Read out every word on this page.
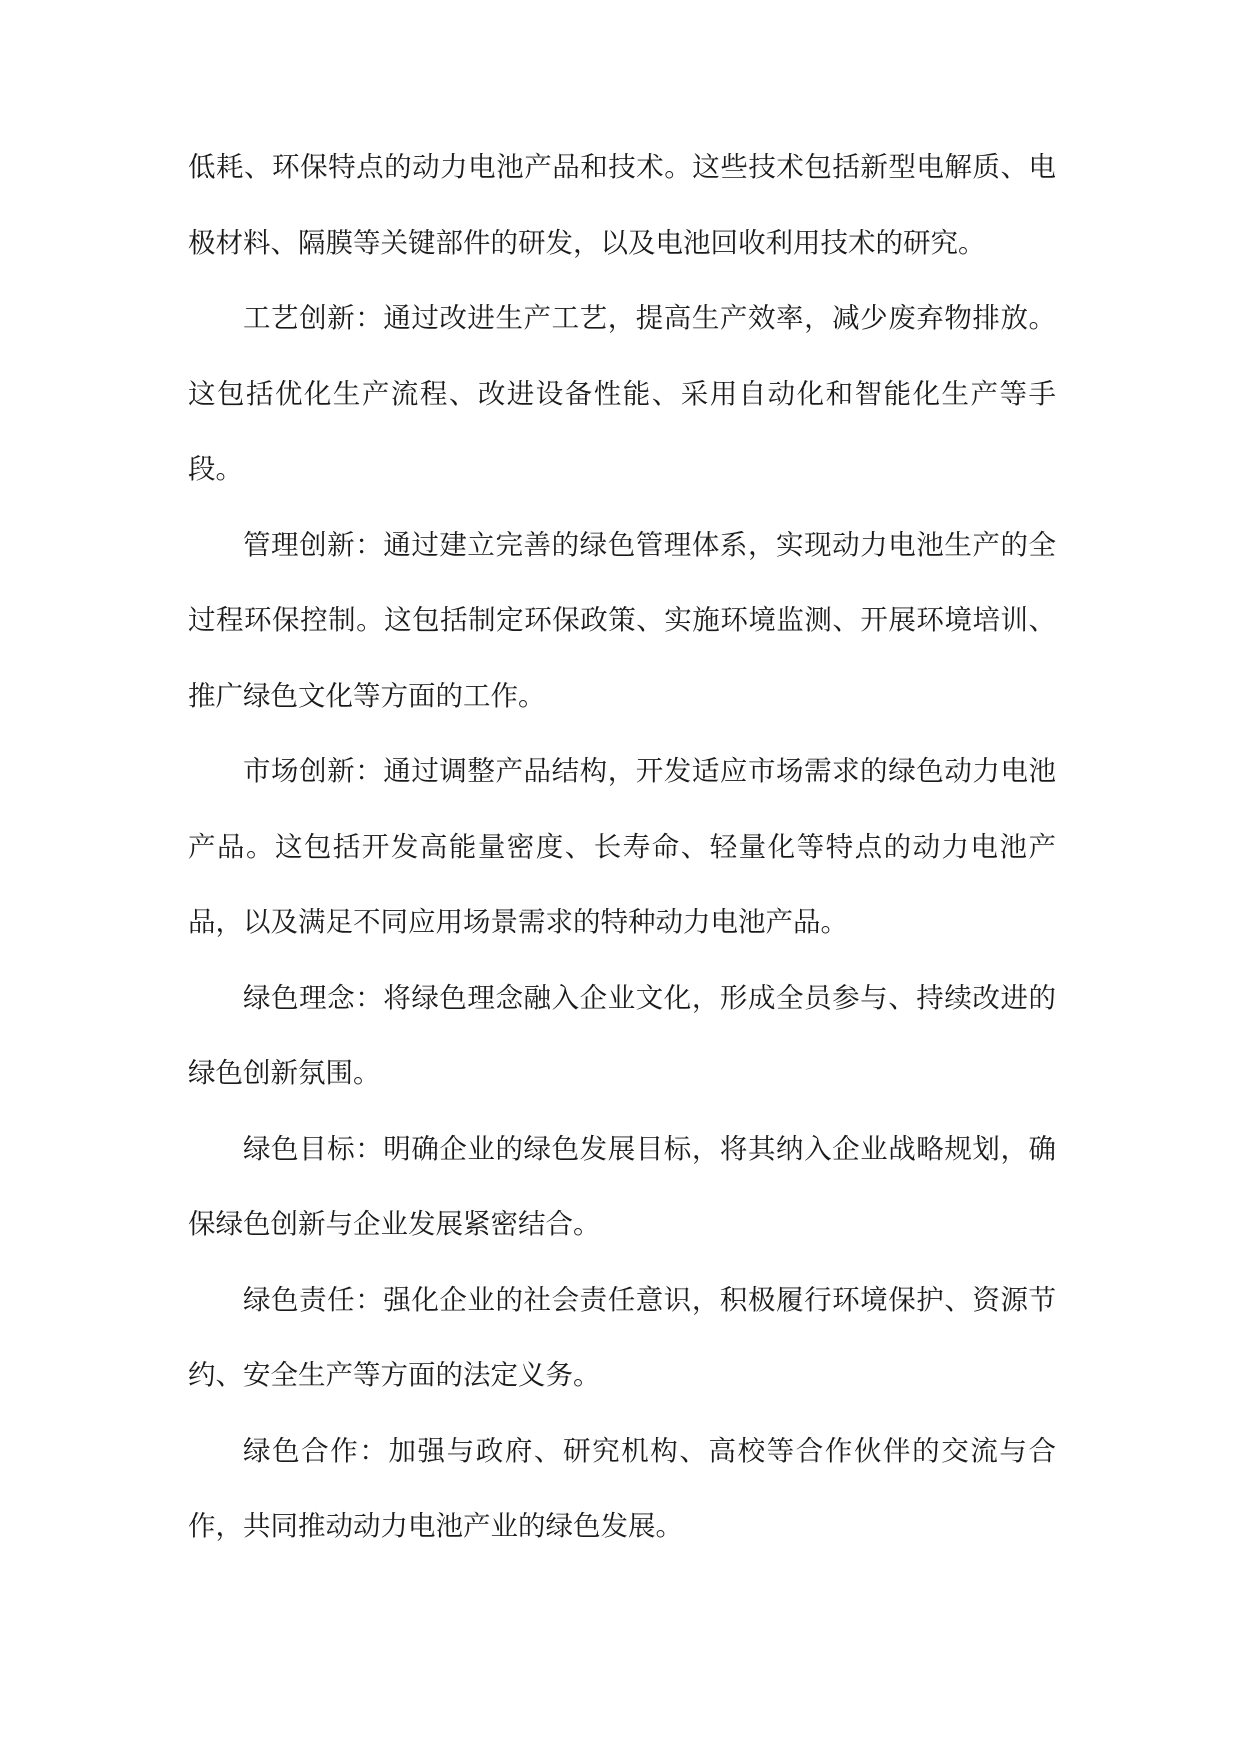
低耗、环保特点的动力电池产品和技术。这些技术包括新型电解质、电极材料、隔膜等关键部件的研发，以及电池回收利用技术的研究。

工艺创新：通过改进生产工艺，提高生产效率，减少废弃物排放。这包括优化生产流程、改进设备性能、采用自动化和智能化生产等手段。

管理创新：通过建立完善的绿色管理体系，实现动力电池生产的全过程环保控制。这包括制定环保政策、实施环境监测、开展环境培训、推广绿色文化等方面的工作。

市场创新：通过调整产品结构，开发适应市场需求的绿色动力电池产品。这包括开发高能量密度、长寿命、轻量化等特点的动力电池产品，以及满足不同应用场景需求的特种动力电池产品。

绿色理念：将绿色理念融入企业文化，形成全员参与、持续改进的绿色创新氛围。

绿色目标：明确企业的绿色发展目标，将其纳入企业战略规划，确保绿色创新与企业发展紧密结合。

绿色责任：强化企业的社会责任意识，积极履行环境保护、资源节约、安全生产等方面的法定义务。

绿色合作：加强与政府、研究机构、高校等合作伙伴的交流与合作，共同推动动力电池产业的绿色发展。
